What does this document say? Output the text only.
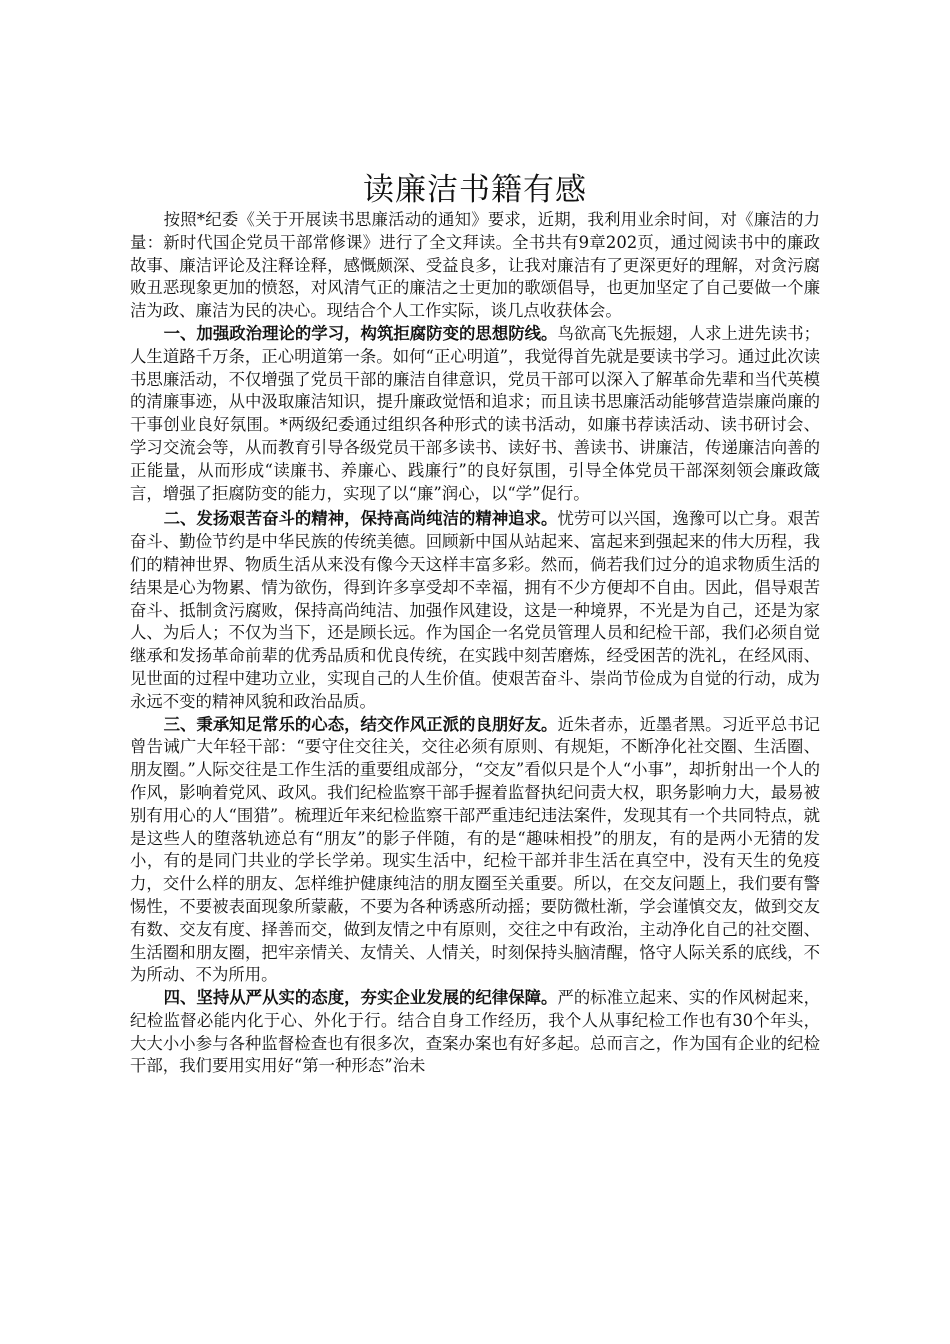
读廉洁书籍有感

按照*纪委《关于开展读书思廉活动的通知》要求，近期，我利用业余时间，对《廉洁的力量：新时代国企党员干部常修课》进行了全文拜读。全书共有9章202页，通过阅读书中的廉政故事、廉洁评论及注释诠释，感慨颇深、受益良多，让我对廉洁有了更深更好的理解，对贪污腐败丑恶现象更加的愤怒，对风清气正的廉洁之士更加的歌颂倡导，也更加坚定了自己要做一个廉洁为政、廉洁为民的决心。现结合个人工作实际，谈几点收获体会。

一、加强政治理论的学习，构筑拒腐防变的思想防线。鸟欲高飞先振翅，人求上进先读书；人生道路千万条，正心明道第一条。如何“正心明道”，我觉得首先就是要读书学习。通过此次读书思廉活动，不仅增强了党员干部的廉洁自律意识，党员干部可以深入了解革命先辈和当代英模的清廉事迹，从中汲取廉洁知识，提升廉政觉悟和追求；而且读书思廉活动能够营造崇廉尚廉的干事创业良好氛围。*两级纪委通过组织各种形式的读书活动，如廉书荐读活动、读书研讨会、学习交流会等，从而教育引导各级党员干部多读书、读好书、善读书、讲廉洁，传递廉洁向善的正能量，从而形成“读廉书、养廉心、践廉行”的良好氛围，引导全体党员干部深刻领会廉政箴言，增强了拒腐防变的能力，实现了以“廉”润心，以“学”促行。

二、发扬艰苦奋斗的精神，保持高尚纯洁的精神追求。忧劳可以兴国，逸豫可以亡身。艰苦奋斗、勤俭节约是中华民族的传统美德。回顾新中国从站起来、富起来到强起来的伟大历程，我们的精神世界、物质生活从来没有像今天这样丰富多彩。然而，倘若我们过分的追求物质生活的结果是心为物累、情为欲伤，得到许多享受却不幸福，拥有不少方便却不自由。因此，倡导艰苦奋斗、抵制贪污腐败，保持高尚纯洁、加强作风建设，这是一种境界，不光是为自己，还是为家人、为后人；不仅为当下，还是顾长远。作为国企一名党员管理人员和纪检干部，我们必须自觉继承和发扬革命前辈的优秀品质和优良传统，在实践中刻苦磨炼，经受困苦的洗礼，在经风雨、见世面的过程中建功立业，实现自己的人生价值。使艰苦奋斗、崇尚节俭成为自觉的行动，成为永远不变的精神风貌和政治品质。

三、秉承知足常乐的心态，结交作风正派的良朋好友。近朱者赤，近墨者黑。习近平总书记曾告诫广大年轻干部：“要守住交往关，交往必须有原则、有规矩，不断净化社交圈、生活圈、朋友圈。”人际交往是工作生活的重要组成部分，“交友”看似只是个人“小事”，却折射出一个人的作风，影响着党风、政风。我们纪检监察干部手握着监督执纪问责大权，职务影响力大，最易被别有用心的人“围猎”。梳理近年来纪检监察干部严重违纪违法案件，发现其有一个共同特点，就是这些人的堕落轨迹总有“朋友”的影子伴随，有的是“趣味相投”的朋友，有的是两小无猜的发小，有的是同门共业的学长学弟。现实生活中，纪检干部并非生活在真空中，没有天生的免疫力，交什么样的朋友、怎样维护健康纯洁的朋友圈至关重要。所以，在交友问题上，我们要有警惕性，不要被表面现象所蒙蔽，不要为各种诱惑所动摇；要防微杜渐，学会谨慎交友，做到交友有数、交友有度、择善而交，做到友情之中有原则，交往之中有政治，主动净化自己的社交圈、生活圈和朋友圈，把牢亲情关、友情关、人情关，时刻保持头脑清醒，恪守人际关系的底线，不为所动、不为所用。

四、坚持从严从实的态度，夯实企业发展的纪律保障。严的标准立起来、实的作风树起来，纪检监督必能内化于心、外化于行。结合自身工作经历，我个人从事纪检工作也有30个年头，大大小小参与各种监督检查也有很多次，查案办案也有好多起。总而言之，作为国有企业的纪检干部，我们要用实用好“第一种形态”治未
